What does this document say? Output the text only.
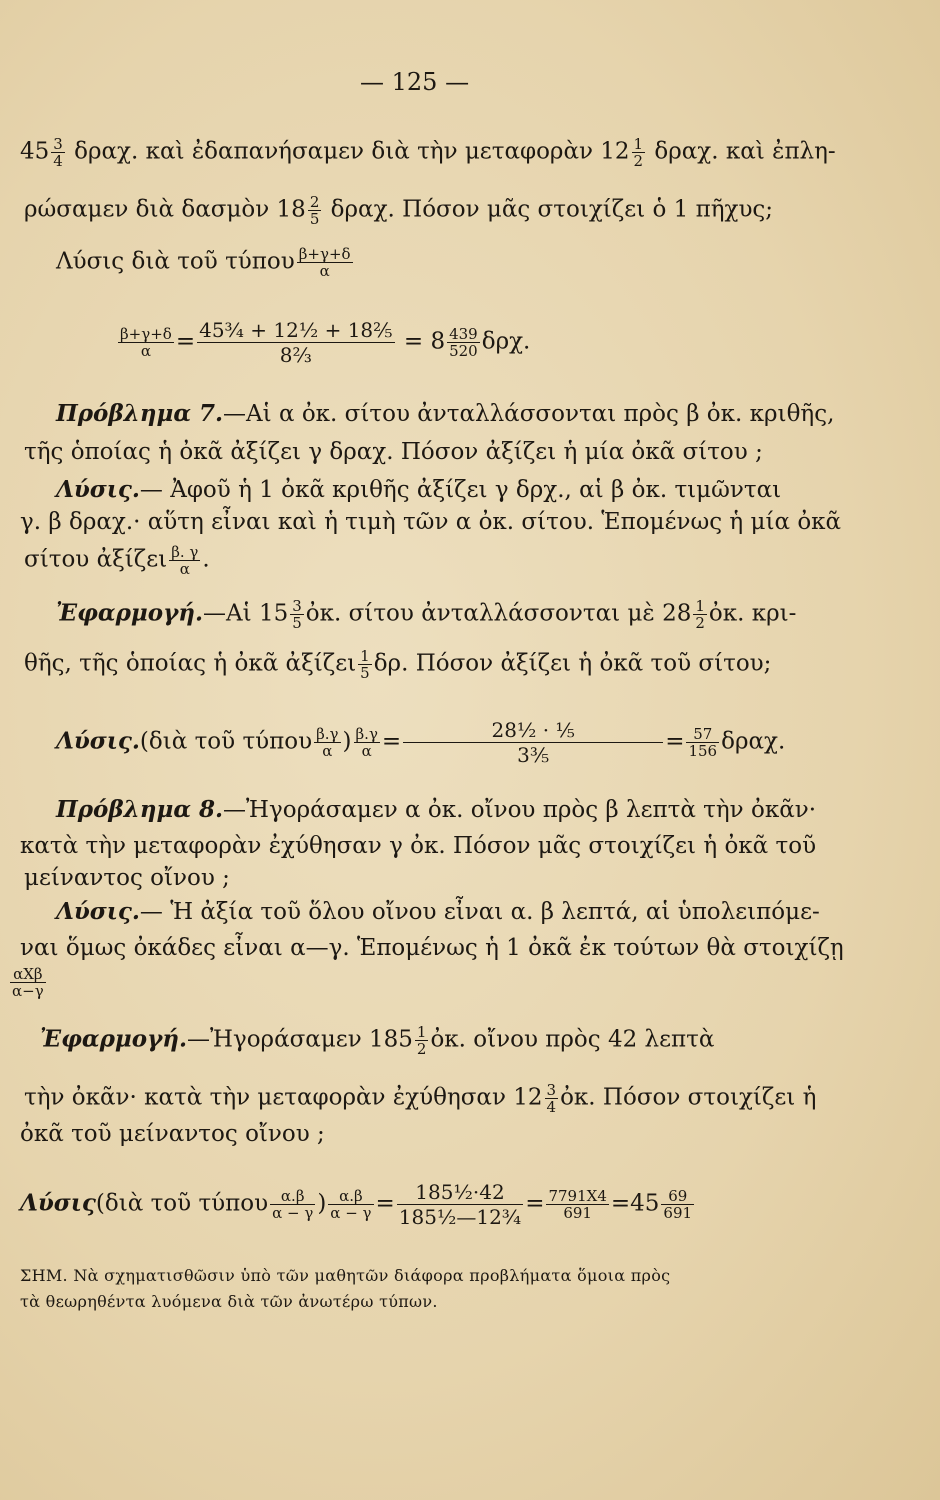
— 125 —
$45 \frac{3}{4} \delta\rho\alpha\chi$. καὶ ἐδαπανήσαμεν διὰ τὴν μεταφορὰν $12 \frac{1}{2} \delta\rho\alpha\chi$. καὶ ἐπλη-
ρώσαμεν διὰ δασμὸν $18 \frac{2}{5} \delta\rho\alpha\chi$. Πόσον μᾶς στοιχίζει ὁ 1 πῆχυς;
Λύσις διὰ τοῦ τύπου $\frac{\beta+\gamma+\delta}{\alpha}$
$\frac{\beta+\gamma+\delta}{\alpha} = \frac{\text{45¾ + 12½ + 18⅖}}{\text{8⅔}} = 8 \frac{439}{520} \delta\rho\chi$.
Πρόβλημα 7.—Αἱ α ὀκ. σίτου ἀνταλλάσσονται πρὸς β ὀκ. κριθῆς,
τῆς ὁποίας ἡ ὀκᾶ ἀξίζει γ δραχ. Πόσον ἀξίζει ἡ μία ὀκᾶ σίτου ;
Λύσις.— Ἀφοῦ ἡ 1 ὀκᾶ κριθῆς ἀξίζει γ δρχ., αἱ β ὀκ. τιμῶνται
γ. β δραχ.· αὕτη εἶναι καὶ ἡ τιμὴ τῶν α ὀκ. σίτου. Ἑπομένως ἡ μία ὀκᾶ
σίτου ἀξίζει $\frac{\beta. \gamma}{\alpha}$ .
Ἐφαρμογή.—Αἱ $15 \frac{3}{5}$ ὀκ. σίτου ἀνταλλάσσονται μὲ $28 \frac{1}{2}$ ὀκ. κρι-
θῆς, τῆς ὁποίας ἡ ὀκᾶ ἀξίζει $\frac{1}{5} \delta\rho$. Πόσον ἀξίζει ἡ ὀκᾶ τοῦ σίτου;
Λύσις.(διὰ τοῦ τύπου $\frac{\beta.\gamma}{\alpha}$ ) $\frac{\beta.\gamma}{\alpha} = \frac{\text{28½ · ⅕}}{\text{3⅗}} = \frac{57}{156} \delta\rho\alpha\chi$.
Πρόβλημα 8.—Ἠγοράσαμεν α ὀκ. οἴνου πρὸς β λεπτὰ τὴν ὀκᾶν·
κατὰ τὴν μεταφορὰν ἐχύθησαν γ ὀκ. Πόσον μᾶς στοιχίζει ἡ ὀκᾶ τοῦ
μείναντος οἴνου ;
Λύσις.— Ἡ ἀξία τοῦ ὅλου οἴνου εἶναι α. β λεπτά, αἱ ὑπολειπόμε-
ναι ὅμως ὀκάδες εἶναι α—γ. Ἑπομένως ἡ 1 ὀκᾶ ἐκ τούτων θὰ στοιχίζῃ
$\frac{\text{αΧβ}}{\alpha-\gamma}$
Ἐφαρμογή.—Ἠγοράσαμεν $185 \frac{1}{2}$ ὀκ. οἴνου πρὸς 42 λεπτὰ
τὴν ὀκᾶν· κατὰ τὴν μεταφορὰν ἐχύθησαν $12 \frac{3}{4}$ ὀκ. Πόσον στοιχίζει ἡ
ὀκᾶ τοῦ μείναντος οἴνου ;
Λύσις(διὰ τοῦ τύπου $\frac{\alpha.\beta}{\alpha - \gamma}$ ) $\frac{\alpha.\beta}{\alpha - \gamma} = \frac{\text{185½·42}}{\text{185½—12¾}} = \frac{7791X4}{691} =45 \frac{69}{691}$
ΣΗΜ. Νὰ σχηματισθῶσιν ὑπὸ τῶν μαθητῶν διάφορα προβλήματα ὅμοια πρὸς
τὰ θεωρηθέντα λυόμενα διὰ τῶν ἀνωτέρω τύπων.
